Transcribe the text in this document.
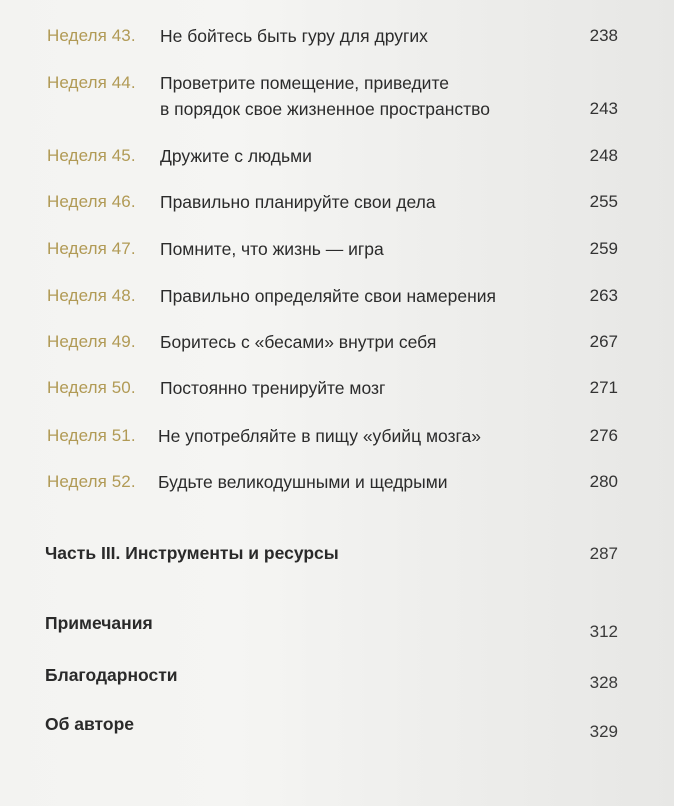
Неделя 43. Не бойтесь быть гуру для других	238
Неделя 44. Проветрите помещение, приведите
в порядок свое жизненное пространство	243
Неделя 45. Дружите с людьми	248
Неделя 46. Правильно планируйте свои дела	255
Неделя 47. Помните, что жизнь — игра	259
Неделя 48. Правильно определяйте свои намерения	263
Неделя 49. Боритесь с «бесами» внутри себя	267
Неделя 50. Постоянно тренируйте мозг	271
Неделя 51. Не употребляйте в пищу «убийц мозга»	276
Неделя 52. Будьте великодушными и щедрыми	280
Часть III. Инструменты и ресурсы	287
Примечания	312
Благодарности	328
Об авторе	329
